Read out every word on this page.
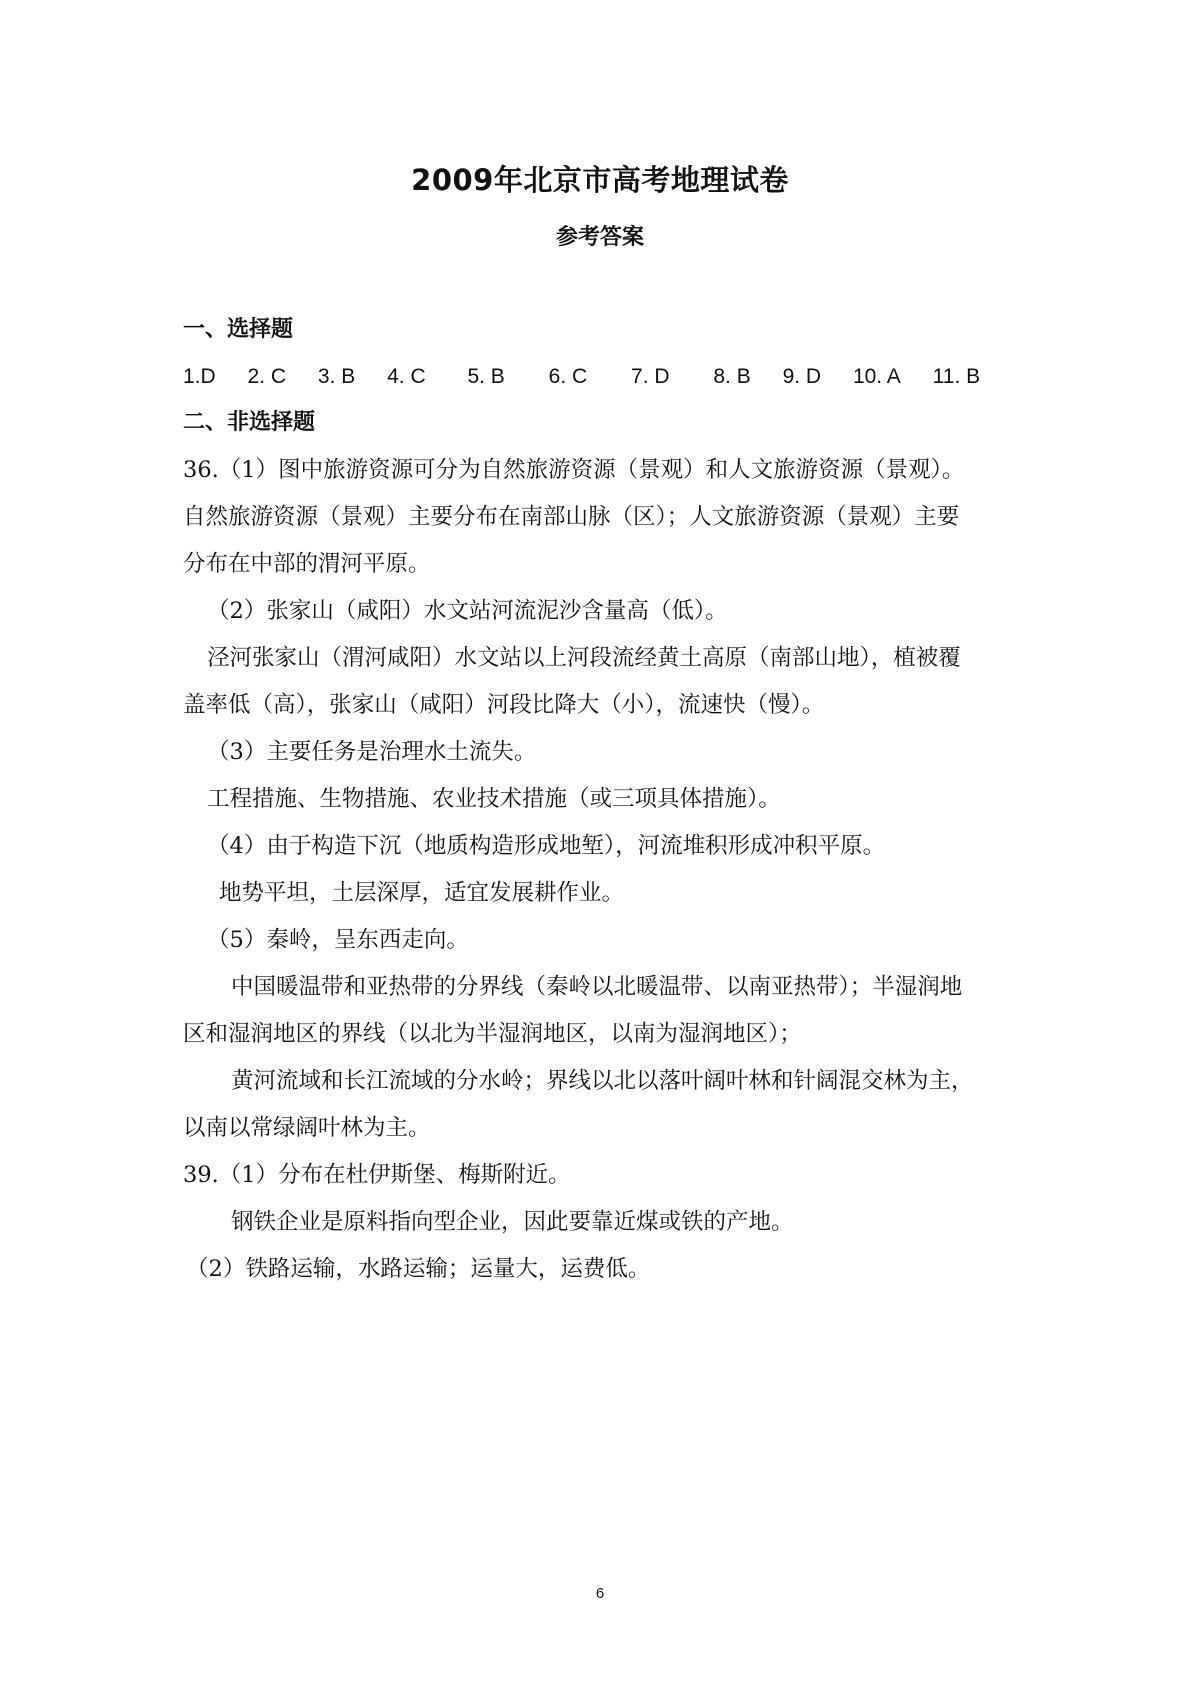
2009年北京市高考地理试卷
参考答案
一、选择题
1.D 2. C 3. B 4. C 5. B 6. C 7. D 8. B 9. D 10. A 11. B
二、非选择题
36.（1）图中旅游资源可分为自然旅游资源（景观）和人文旅游资源（景观）。
自然旅游资源（景观）主要分布在南部山脉（区）；人文旅游资源（景观）主要
分布在中部的渭河平原。
（2）张家山（咸阳）水文站河流泥沙含量高（低）。
泾河张家山（渭河咸阳）水文站以上河段流经黄土高原（南部山地），植被覆
盖率低（高），张家山（咸阳）河段比降大（小），流速快（慢）。
（3）主要任务是治理水土流失。
工程措施、生物措施、农业技术措施（或三项具体措施）。
（4）由于构造下沉（地质构造形成地堑），河流堆积形成冲积平原。
地势平坦，土层深厚，适宜发展耕作业。
（5）秦岭，呈东西走向。
中国暖温带和亚热带的分界线（秦岭以北暖温带、以南亚热带）；半湿润地
区和湿润地区的界线（以北为半湿润地区，以南为湿润地区）；
黄河流域和长江流域的分水岭；界线以北以落叶阔叶林和针阔混交林为主，
以南以常绿阔叶林为主。
39.（1）分布在杜伊斯堡、梅斯附近。
钢铁企业是原料指向型企业，因此要靠近煤或铁的产地。
（2）铁路运输，水路运输；运量大，运费低。
6
